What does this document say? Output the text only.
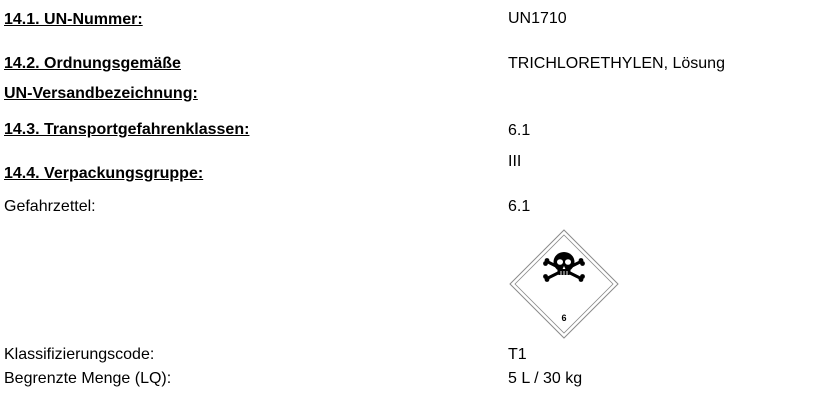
14.1. UN-Nummer:	UN1710
14.2. Ordnungsgemäße
UN-Versandbezeichnung:
TRICHLORETHYLEN, Lösung
14.3. Transportgefahrenklassen:	6.1
14.4. Verpackungsgruppe:
III
Gefahrzettel:	6.1
6
Klassifizierungscode:	T1
Begrenzte Menge (LQ):	5 L / 30 kg
